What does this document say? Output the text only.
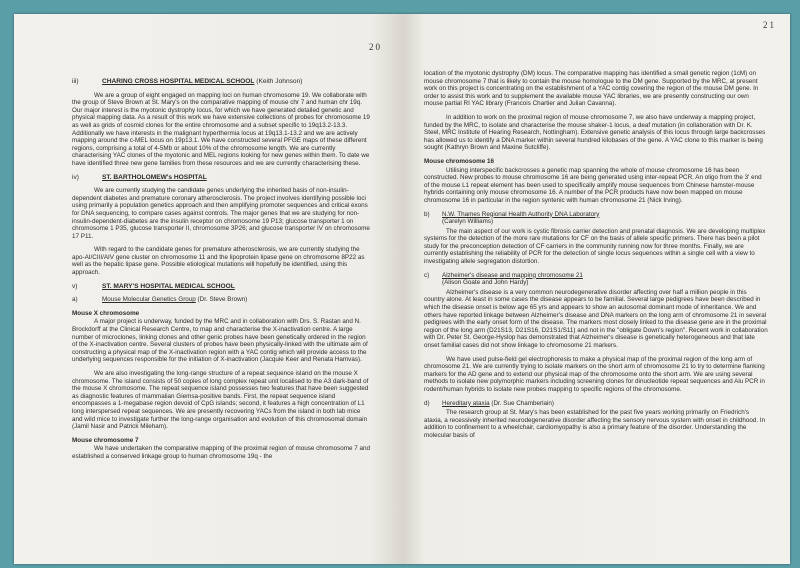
20
iii)	CHARING CROSS HOSPITAL MEDICAL SCHOOL (Keith Johnson)

We are a group of eight engaged on mapping loci on human chromosome 19. We collaborate with the group of Steve Brown at St. Mary's on the comparative mapping of mouse chr 7 and human chr 19q. Our major interest is the myotonic dystrophy locus, for which we have generated detailed genetic and physical mapping data. As a result of this work we have extensive collections of probes for chromosome 19 as well as grids of cosmid clones for the entire chromosome and a subset specific to 19q13.2-13.3. Additionally we have interests in the malignant hyperthermia locus at 19q13.1-13.2 and we are actively mapping around the c-MEL locus on 19p13.1. We have constructed several PFGE maps of these different regions, comprising a total of 4-5Mb or about 10% of the chromosome length. We are currently characterising YAC clones of the myotonic and MEL regions looking for new genes within them. To date we have identified three new gene families from these resources and we are currently characterising these.

iv)	ST. BARTHOLOMEW's HOSPITAL

We are currently studying the candidate genes underlying the inherited basis of non-insulin-dependent diabetes and premature coronary atherosclerosis. The project involves identifying possible loci using primarily a population genetics approach and then amplifying promoter sequences and critical exons for DNA sequencing, to compare cases against controls. The major genes that we are studying for non-insulin-dependent-diabetes are the insulin receptor on chromosome 19 P13; glucose transporter 1 on chromosome 1 P35, glucose transporter II, chromosome 3P26; and glucose transporter IV on chromosome 17 P11.

With regard to the candidate genes for premature atherosclerosis, we are currently studying the apo-AI/CIII/AIV gene cluster on chromosome 11 and the lipoprotein lipase gene on chromosome 8P22 as well as the hepatic lipase gene. Possible etiological mutations will hopefully be identified, using this approach.

v)	ST. MARY'S HOSPITAL MEDICAL SCHOOL
a)	Mouse Molecular Genetics Group (Dr. Steve Brown)
Mouse X chromosome

A major project is underway, funded by the MRC and in collaboration with Drs. S. Rastan and N. Brockdorff at the Clinical Research Centre, to map and characterise the X-inactivation centre. A large number of microclones, linking clones and other genic probes have been genetically ordered in the region of the X-inactivation centre. Several clusters of probes have been physically-linked with the ultimate aim of constructing a physical map of the X-inactivation region with a YAC contig which will provide access to the underlying sequences responsible for the initiation of X-inactivation (Jacquie Keer and Renata Hamvas).

We are also investigating the long-range structure of a repeat sequence island on the mouse X chromosome. The island consists of 50 copies of long complex repeat unit localised to the A3 dark-band of the mouse X chromosome. The repeat sequence island possesses two features that have been suggested as diagnostic features of mammalian Giemsa-positive bands. First, the repeat sequence island encompasses a 1-megabase region devoid of CpG islands; second, it features a high concentration of L1 long interspersed repeat sequences. We are presently recovering YACs from the island in both lab mice and wild mice to investigate further the long-range organisation and evolution of this chromosomal domain (Jamil Nasir and Patrick Mileham).

Mouse chromosome 7

We have undertaken the comparative mapping of the proximal region of mouse chromosome 7 and established a conserved linkage group to human chromosome 19q - the

21

location of the myotonic dystrophy (DM) locus. The comparative mapping has identified a small genetic region (1cM) on mouse chromosome 7 that is likely to contain the mouse homologue to the DM gene. Supported by the MRC, at present work on this project is concentrating on the establishment of a YAC contig covering the region of the mouse DM gene. In order to assist this work and to supplement the available mouse YAC libraries, we are presently constructing our own mouse partial RI YAC library (Francois Chartier and Julian Cavanna).

In addition to work on the proximal region of mouse chromosome 7, we also have underway a mapping project, funded by the MRC, to isolate and characterise the mouse shaker-1 locus, a deaf mutation (in collaboration with Dr. K. Steel, MRC Institute of Hearing Research, Nottingham). Extensive genetic analysis of this locus through large backcrosses has allowed us to identify a DNA marker within several hundred kilobases of the gene. A YAC clone to this marker is being sought (Kathryn Brown and Maxine Sutcliffe).

Mouse chromosome 16

Utilising interspecific backcrosses a genetic map spanning the whole of mouse chromosome 16 has been constructed. New probes to mouse chromosome 16 are being generated using inter-repeat PCR. An oligo from the 3' end of the mouse L1 repeat element has been used to specifically amplify mouse sequences from Chinese hamster-mouse hybrids containing only mouse chromosome 16. A number of the PCR products have now been mapped on mouse chromosome 16 in particular in the region syntenic with human chromosome 21 (Nick Irving).

b)	N.W. Thames Regional Health Authority DNA Laboratory
(Carelyn Williams)

The main aspect of our work is cystic fibrosis carrier detection and prenatal diagnosis. We are developing multiplex systems for the detection of the more rare mutations for CF on the basis of allele specific primers. There has been a pilot study for the preconception detection of CF carriers in the community running now for three months. Finally, we are currently establishing the reliability of PCR for the detection of single locus sequences within a single cell with a view to investigating allele segregation distortion.

c)	Alzheimer's disease and mapping chromosome 21
(Alison Goate and John Hardy)

Alzheimer's disease is a very common neurodegenerative disorder affecting over half a million people in this country alone. At least in some cases the disease appears to be familial. Several large pedigrees have been described in which the disease onset is below age 65 yrs and appears to show an autosomal dominant mode of inheritance. We and others have reported linkage between Alzheimer's disease and DNA markers on the long arm of chromosome 21 in several pedigrees with the early onset form of the disease. The markers most closely linked to the disease gene are in the proximal region of the long arm (D21S13, D21S16, D21S1/S11) and not in the "obligate Down's region". Recent work in collaboration with Dr. Peter St. George-Hyslop has demonstrated that Alzheimer's disease is genetically heterogeneous and that late onset familial cases did not show linkage to chromosome 21 markers.

We have used pulse-field gel electrophoresis to make a physical map of the proximal region of the long arm of chromosome 21. We are currently trying to isolate markers on the short arm of chromosome 21 to try to determine flanking markers for the AD gene and to extend our physical map of the chromosome onto the short arm. We are using several methods to isolate new polymorphic markers including screening clones for dinucleotide repeat sequences and Alu PCR in rodent/human hybrids to isolate new probes mapping to specific regions of the chromosome.

d)	Hereditary ataxia (Dr. Sue Chamberlain)

The research group at St. Mary's has been established for the past five years working primarily on Friedrich's ataxia, a recessively inherited neurodegenerative disorder affecting the sensory nervous system with onset in childhood. In addition to confinement to a wheelchair, cardiomyopathy is also a primary feature of the disorder. Understanding the molecular basis of
